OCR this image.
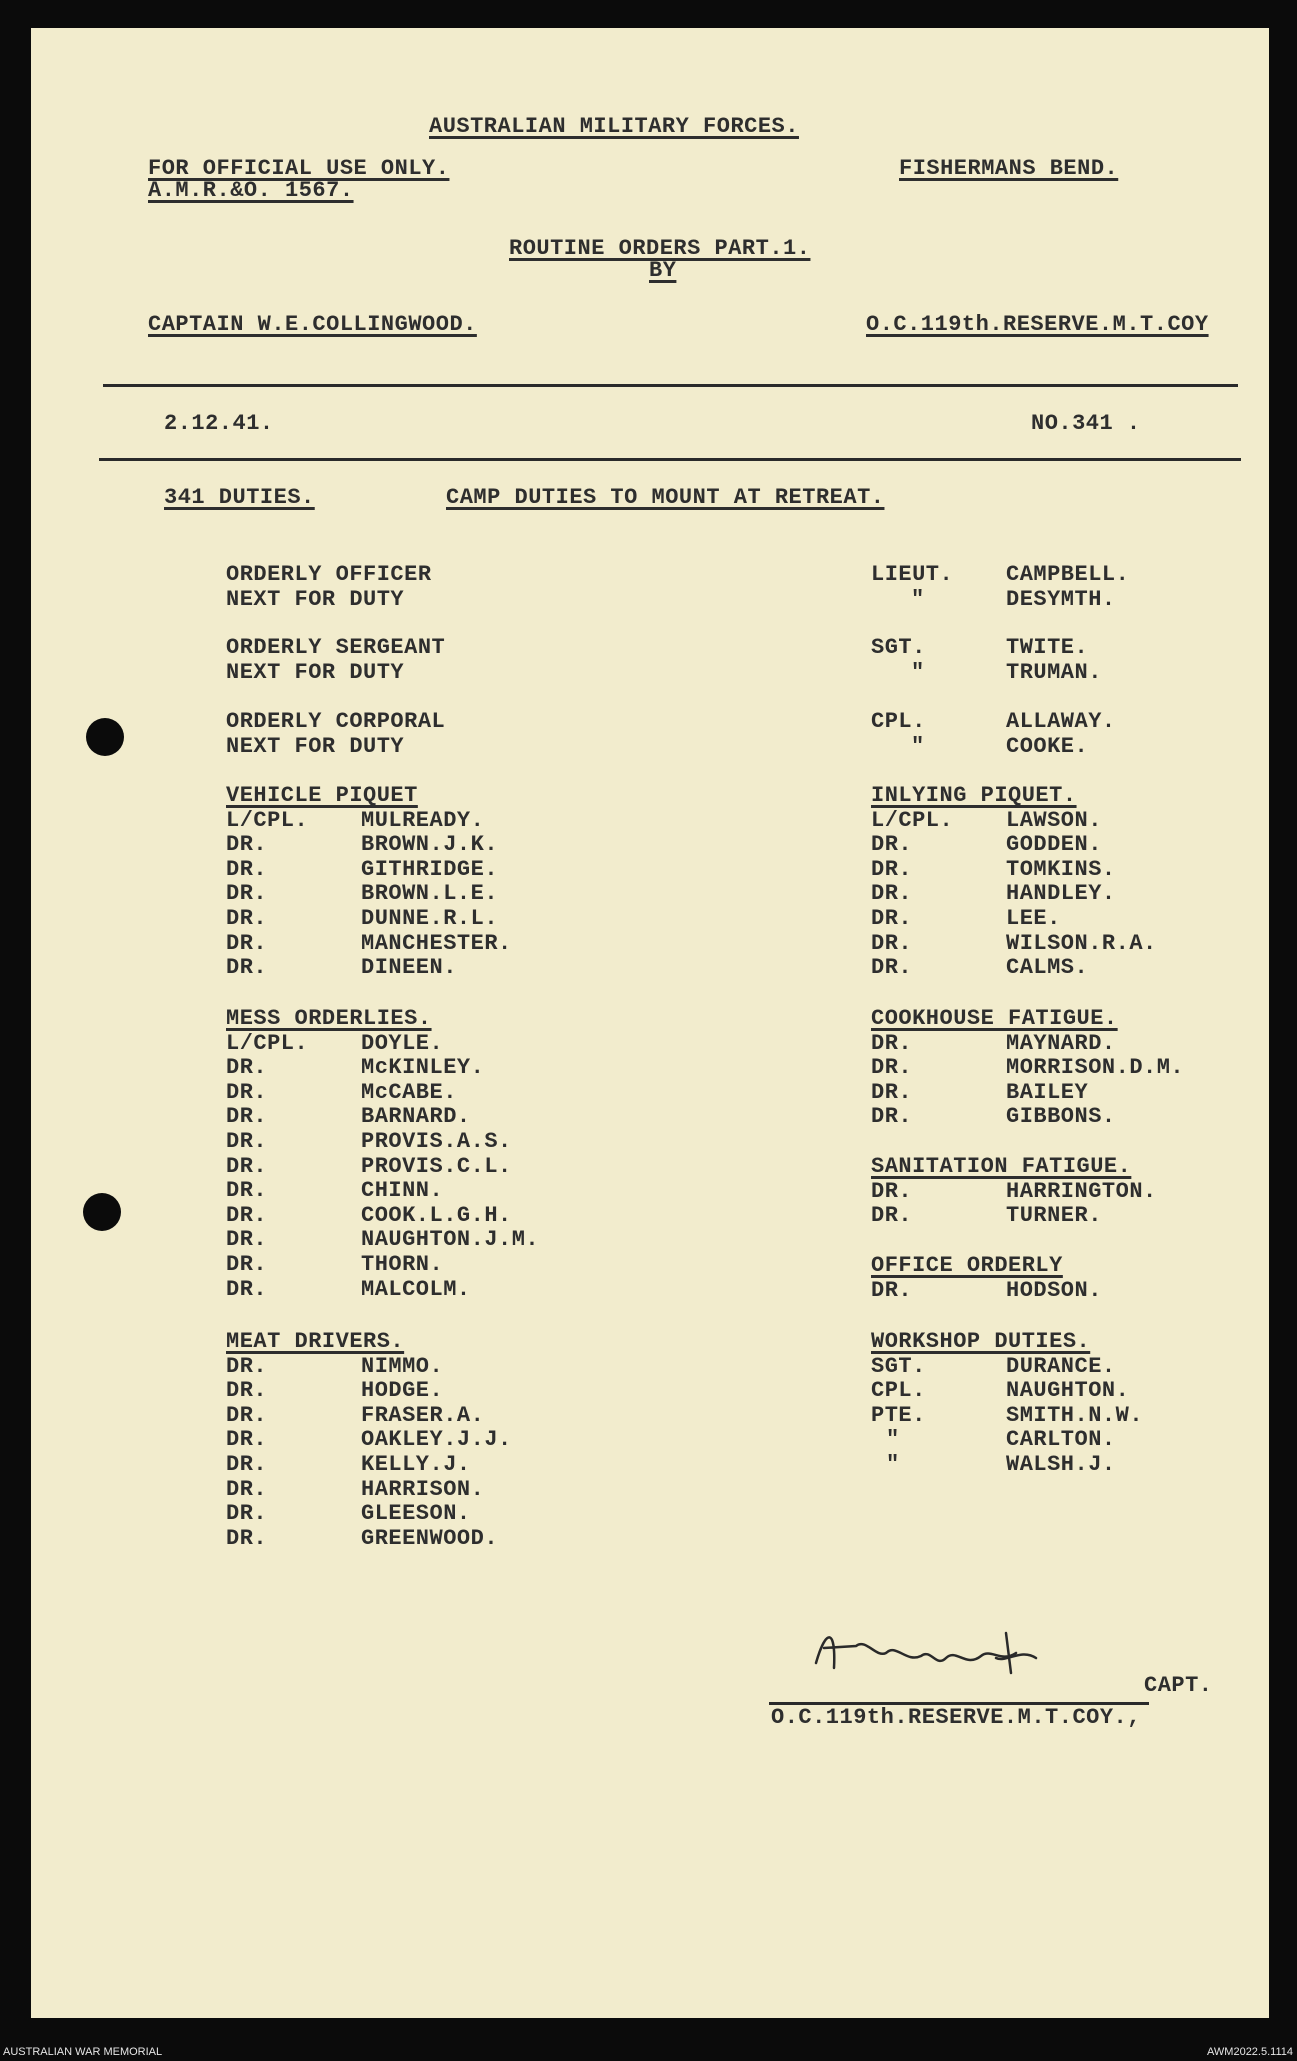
AUSTRALIAN MILITARY FORCES.
FOR OFFICIAL USE ONLY.
A.M.R.&O. 1567.
FISHERMANS BEND.
ROUTINE ORDERS PART.1.
BY
CAPTAIN W.E.COLLINGWOOD.	O.C.119th.RESERVE.M.T.COY
2.12.41.	NO.341 .
341 DUTIES.	CAMP DUTIES TO MOUNT AT RETREAT.
CAPT.
O.C.119th.RESERVE.M.T.COY.,
ORDERLY OFFICER	LIEUT. CAMPBELL.
NEXT FOR DUTY	"	DESYMTH.
ORDERLY SERGEANT	SGT.	TWITE.
NEXT FOR DUTY	"	TRUMAN.
ORDERLY CORPORAL	CPL.	ALLAWAY.
NEXT FOR DUTY	"	COOKE.
VEHICLE PIQUET
L/CPL. MULREADY.
DR.	BROWN.J.K.
DR.	GITHRIDGE.
DR.	BROWN.L.E.
DR.	DUNNE.R.L.
DR.	MANCHESTER.
DR.	DINEEN.
MESS ORDERLIES.
L/CPL. DOYLE.
DR.	McKINLEY.
DR.	McCABE.
DR.	BARNARD.
DR.	PROVIS.A.S.
DR.	PROVIS.C.L.
DR.	CHINN.
DR.	COOK.L.G.H.
DR.	NAUGHTON.J.M.
DR.	THORN.
DR.	MALCOLM.
MEAT DRIVERS.
DR.	NIMMO.
DR.	HODGE.
DR.	FRASER.A.
DR.	OAKLEY.J.J.
DR.	KELLY.J.
DR.	HARRISON.
DR.	GLEESON.
DR.	GREENWOOD.
INLYING PIQUET.
L/CPL. LAWSON.
DR.	GODDEN.
DR.	TOMKINS.
DR.	HANDLEY.
DR.	LEE.
DR.	WILSON.R.A.
DR.	CALMS.
COOKHOUSE FATIGUE.
DR.	MAYNARD.
DR.	MORRISON.D.M.
DR.	BAILEY
DR.	GIBBONS.
SANITATION FATIGUE.
DR.	HARRINGTON.
DR.	TURNER.
OFFICE ORDERLY
DR.	HODSON.
WORKSHOP DUTIES.
SGT.	DURANCE.
CPL.	NAUGHTON.
PTE.	SMITH.N.W.
"	CARLTON.
"	WALSH.J.
AUSTRALIAN WAR MEMORIAL	AWM2022.5.1114
